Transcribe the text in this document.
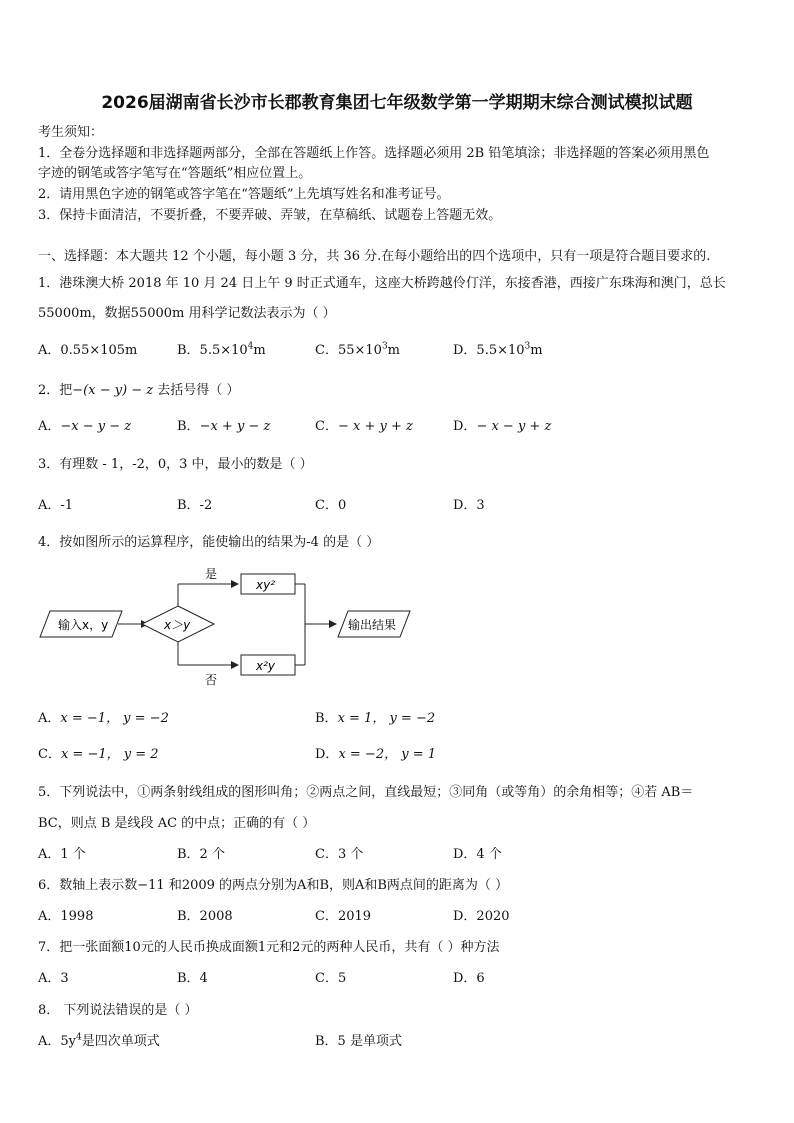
2026届湖南省长沙市长郡教育集团七年级数学第一学期期末综合测试模拟试题
考生须知：
1．全卷分选择题和非选择题两部分，全部在答题纸上作答。选择题必须用 2B 铅笔填涂；非选择题的答案必须用黑色
字迹的钢笔或答字笔写在“答题纸”相应位置上。
2．请用黑色字迹的钢笔或答字笔在“答题纸”上先填写姓名和准考证号。
3．保持卡面清洁，不要折叠，不要弄破、弄皱，在草稿纸、试题卷上答题无效。
一、选择题：本大题共 12 个小题，每小题 3 分，共 36 分.在每小题给出的四个选项中，只有一项是符合题目要求的.
1．港珠澳大桥 2018 年 10 月 24 日上午 9 时正式通车，这座大桥跨越伶仃洋，东接香港，西接广东珠海和澳门，总长
55000m，数据55000m 用科学记数法表示为（ ）
A．0.55×105m	B．$5.5\times 10^4m$	C．$55\times 10^3m$	D．$5.5\times 10^3m$
2．把−(x − y) − z 去括号得（ ）
A．−x − y − z	B．−x + y − z	C．− x + y + z	D．− x − y + z
3．有理数 - 1，-2，0，3 中，最小的数是（ ）
A．-1	B．-2	C．0	D．3
4．按如图所示的运算程序，能使输出的结果为-4 的是（ ）
输入x，y	x＞y
是
否
xy²
x²y
输出结果
A．x = −1， y = −2	B．x = 1， y = −2
C．x = −1， y = 2	D．x = −2， y = 1
5．下列说法中，①两条射线组成的图形叫角；②两点之间，直线最短；③同角（或等角）的余角相等；④若 AB＝
BC，则点 B 是线段 AC 的中点；正确的有（ ）
A．1 个	B．2 个	C．3 个	D．4 个
6．数轴上表示数−11 和2009 的两点分别为A和B，则A和B两点间的距离为（ ）
A．1998	B．2008	C．2019	D．2020
7．把一张面额10元的人民币换成面额1元和2元的两种人民币，共有（ ）种方法
A．3	B．4	C．5	D．6
8． 下列说法错误的是（ ）
A．$5y^4$是四次单项式	B．5 是单项式
